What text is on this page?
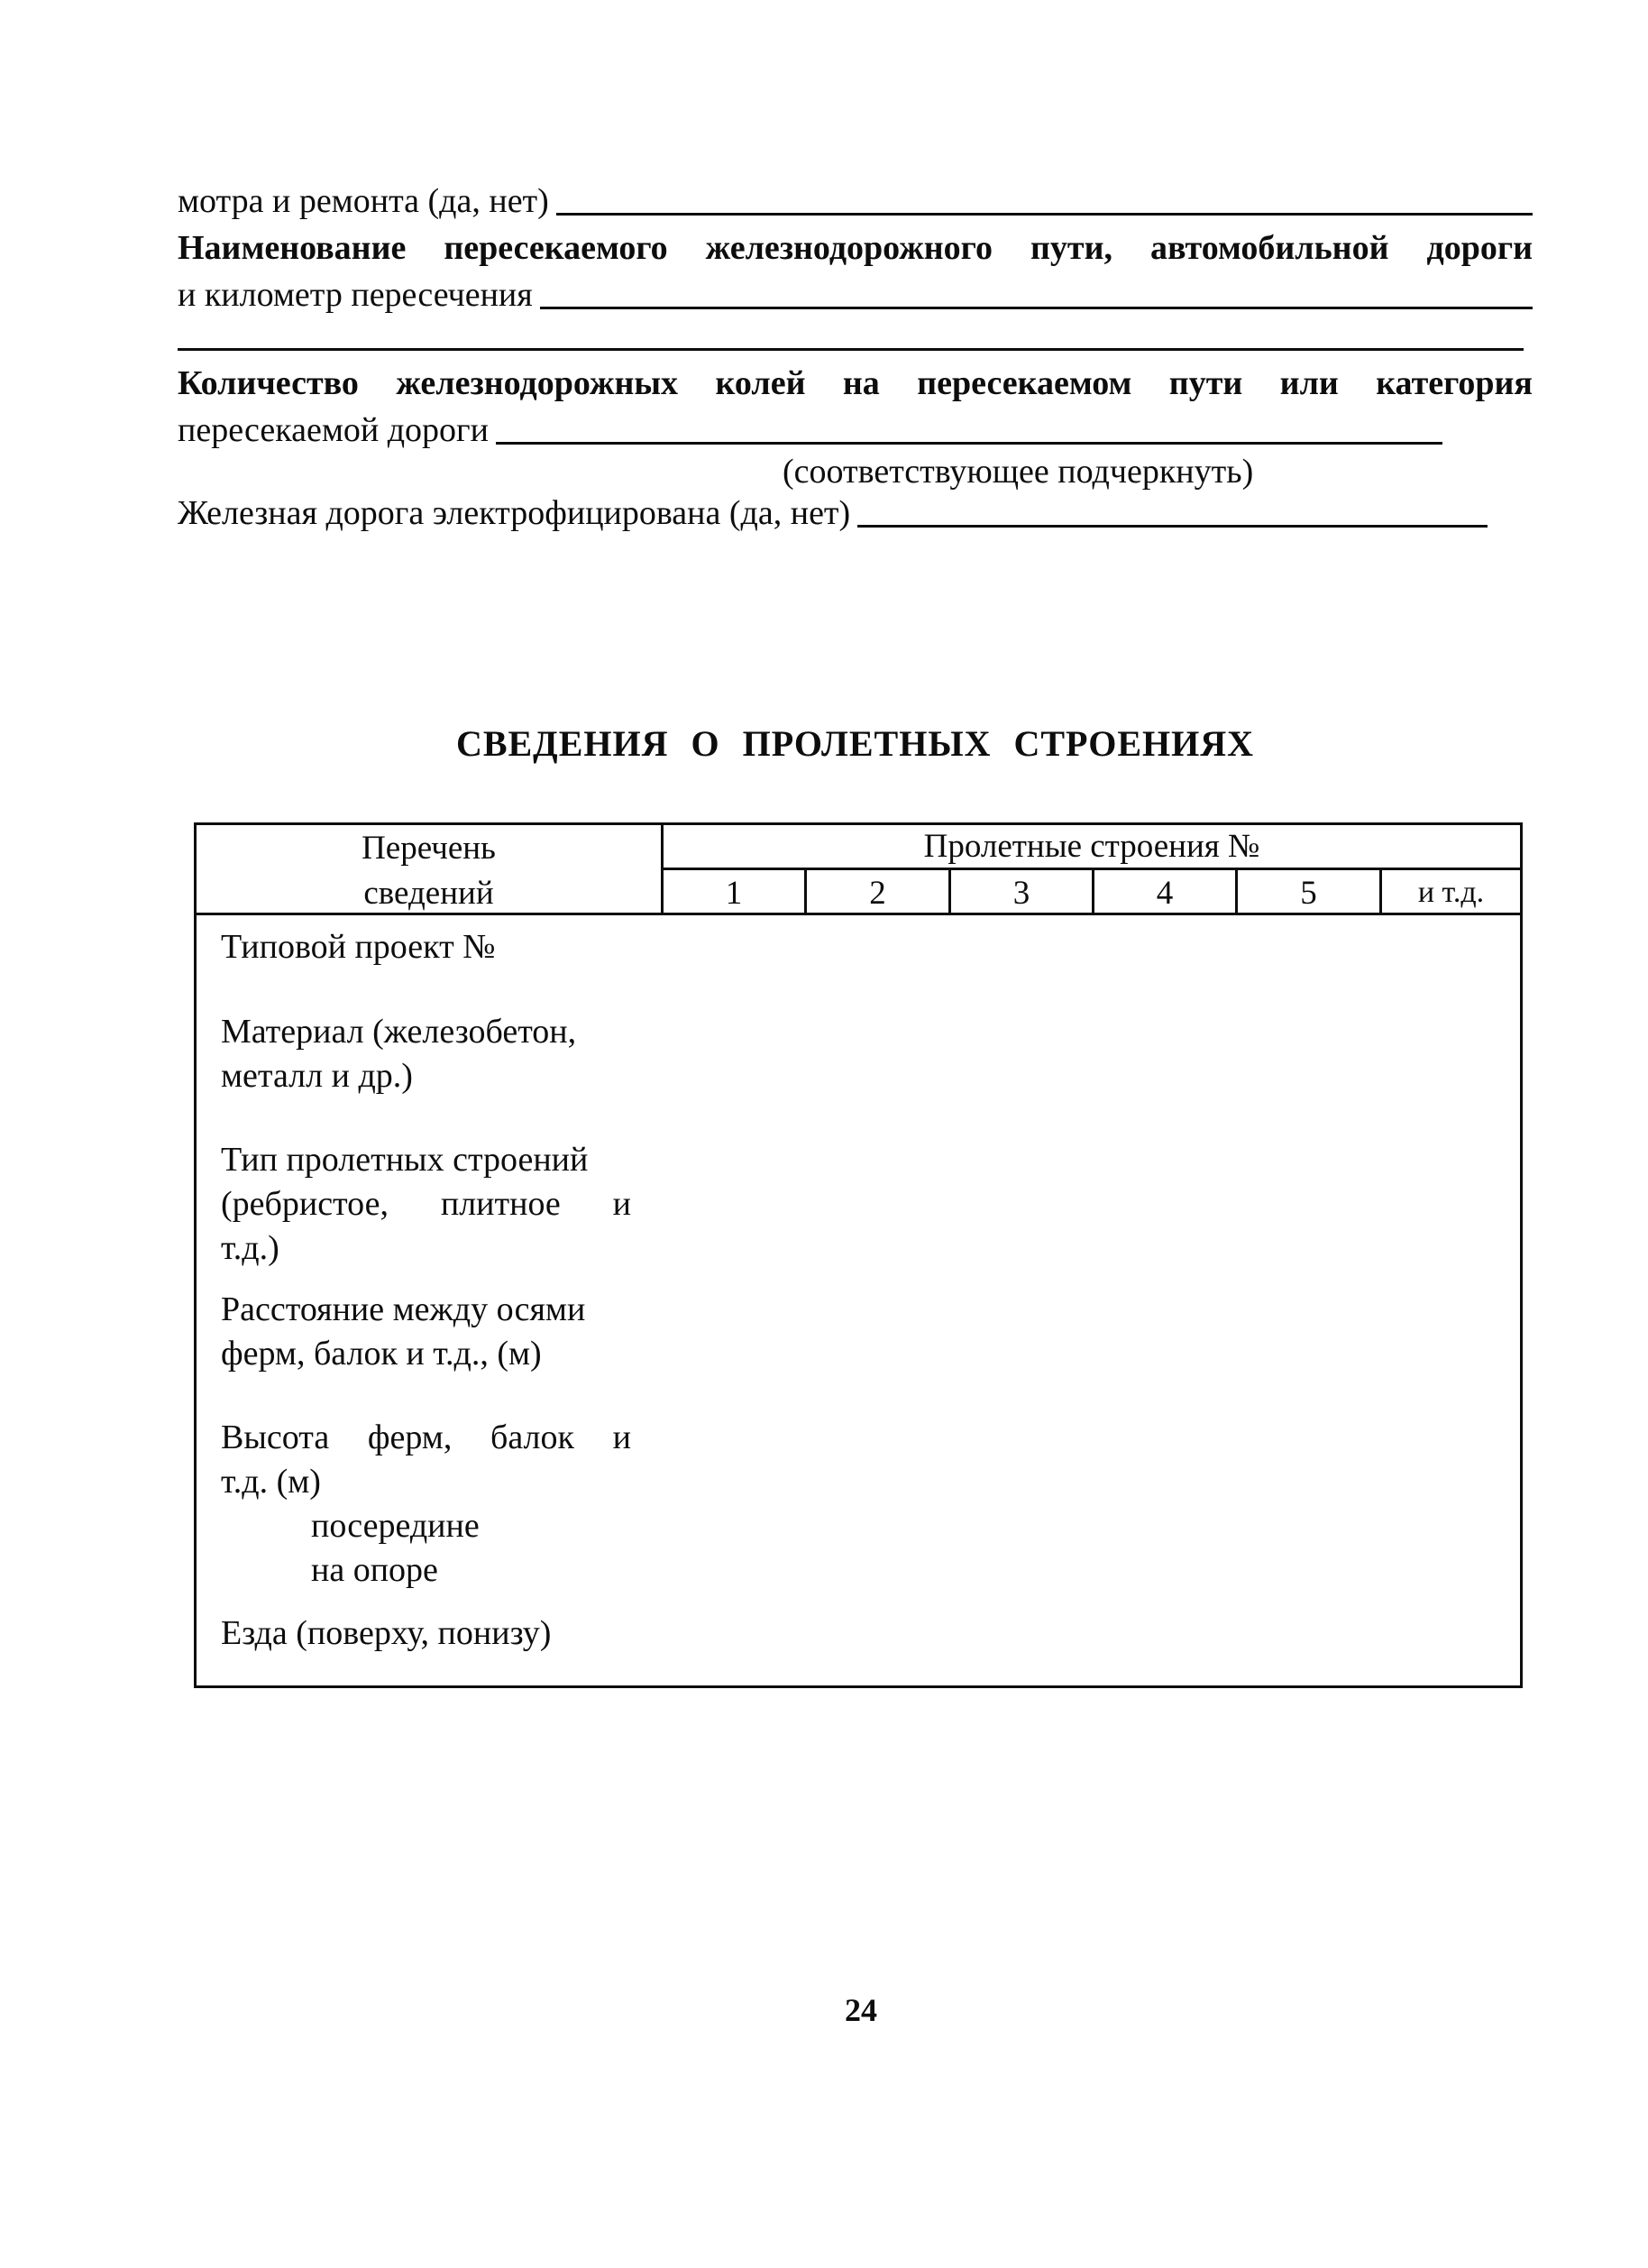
мотра и ремонта (да, нет)
Наименование пересекаемого железнодорожного пути, автомобильной дороги
и километр пересечения
Количество железнодорожных колей на пересекаемом пути или категория
пересекаемой дороги
(соответствующее подчеркнуть)
Железная дорога электрофицирована (да, нет)
СВЕДЕНИЯ О ПРОЛЕТНЫХ СТРОЕНИЯХ
Перечень
сведений
Пролетные строения №
1	2	3	4	5	и т.д.
Типовой проект №
Материал (железобетон,
металл и др.)
Тип пролетных строений
(ребристое, плитное и
т.д.)
Расстояние между осями
ферм, балок и т.д., (м)
Высота ферм, балок и
т.д. (м)
посередине
на опоре
Езда (поверху, понизу)
24
